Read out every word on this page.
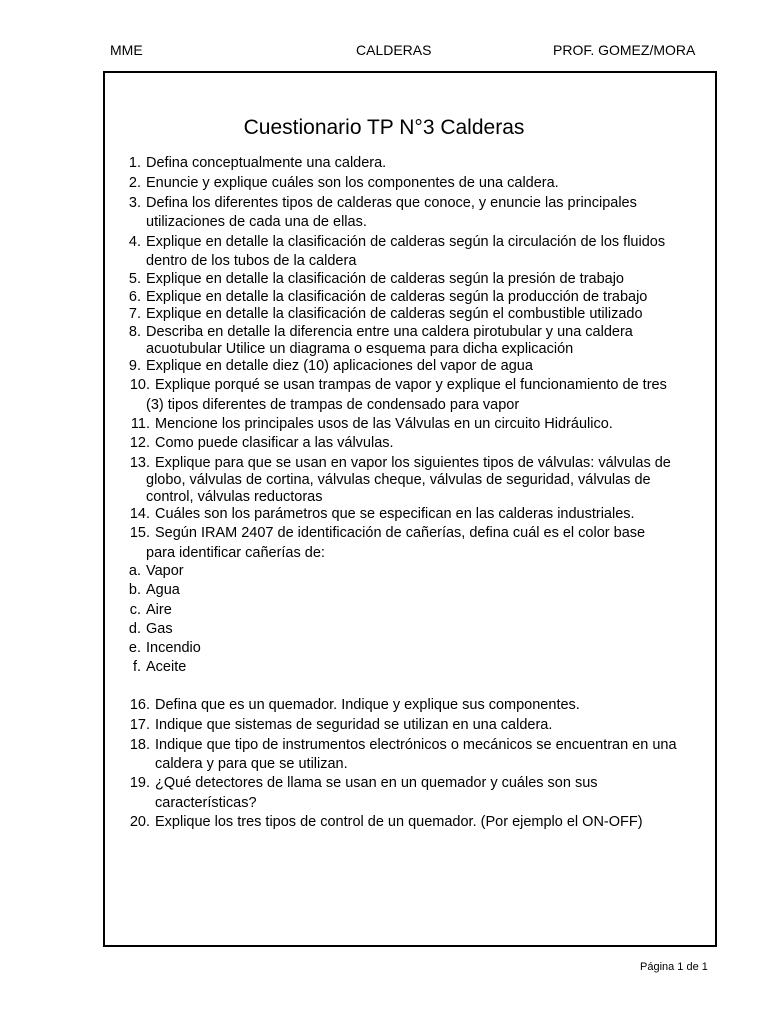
MME	CALDERAS	PROF. GOMEZ/MORA
Cuestionario TP N°3 Calderas
1. Defina conceptualmente una caldera.
2. Enuncie y explique cuáles son los componentes de una caldera.
3. Defina los diferentes tipos de calderas que conoce, y enuncie las principales
utilizaciones de cada una de ellas.
4. Explique en detalle la clasificación de calderas según la circulación de los fluidos
dentro de los tubos de la caldera
5. Explique en detalle la clasificación de calderas según la presión de trabajo
6. Explique en detalle la clasificación de calderas según la producción de trabajo
7. Explique en detalle la clasificación de calderas según el combustible utilizado
8. Describa en detalle la diferencia entre una caldera pirotubular y una caldera
acuotubular Utilice un diagrama o esquema para dicha explicación
9. Explique en detalle diez (10) aplicaciones del vapor de agua
10. Explique porqué se usan trampas de vapor y explique el funcionamiento de tres
(3) tipos diferentes de trampas de condensado para vapor
11. Mencione los principales usos de las Válvulas en un circuito Hidráulico.
12. Como puede clasificar a las válvulas.
13. Explique para que se usan en vapor los siguientes tipos de válvulas: válvulas de
globo, válvulas de cortina, válvulas cheque, válvulas de seguridad, válvulas de
control, válvulas reductoras
14. Cuáles son los parámetros que se especifican en las calderas industriales.
15. Según IRAM 2407 de identificación de cañerías, defina cuál es el color base
para identificar cañerías de:
a. Vapor
b. Agua
c. Aire
d. Gas
e. Incendio
f. Aceite
16. Defina que es un quemador. Indique y explique sus componentes.
17. Indique que sistemas de seguridad se utilizan en una caldera.
18. Indique que tipo de instrumentos electrónicos o mecánicos se encuentran en una
caldera y para que se utilizan.
19. ¿Qué detectores de llama se usan en un quemador y cuáles son sus
características?
20. Explique los tres tipos de control de un quemador. (Por ejemplo el ON-OFF)
Página 1 de 1
